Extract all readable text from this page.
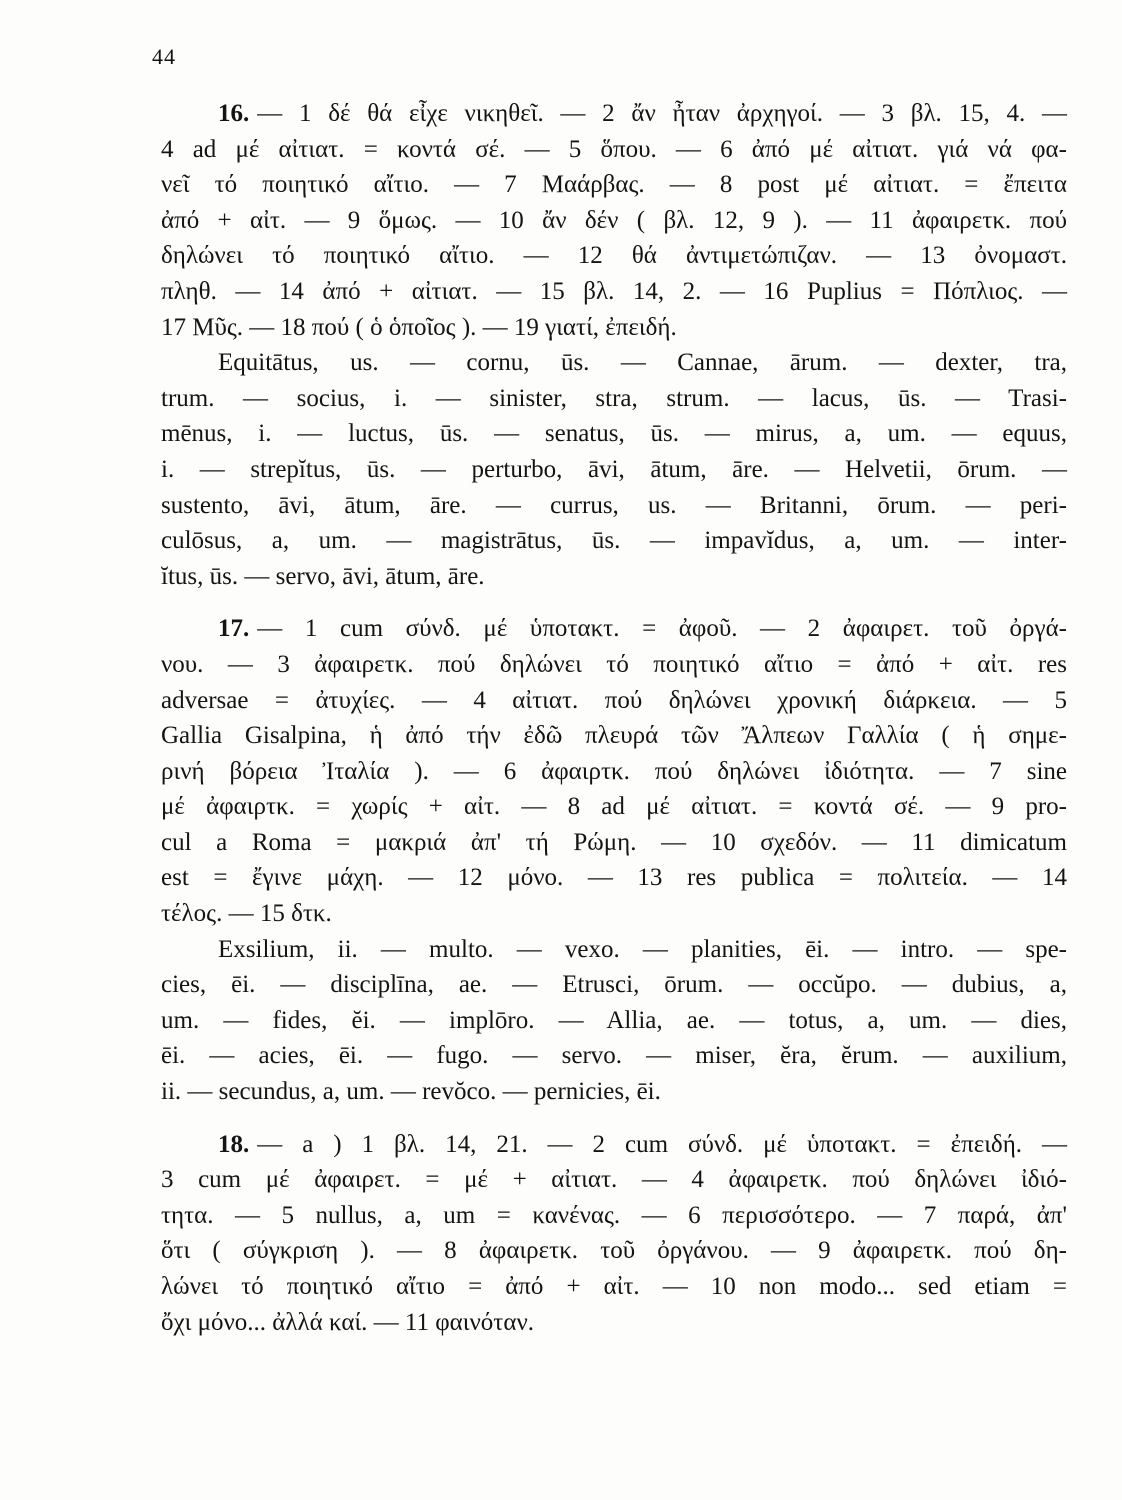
44
16. — 1 δέ θά εἶχε νικηθεῖ. — 2 ἄν ἦταν ἀρχηγοί. — 3 βλ. 15, 4. —
4 ad μέ αἰτιατ. = κοντά σέ. — 5 ὅπου. — 6 ἀπό μέ αἰτιατ. γιά νά φα-
νεῖ τό ποιητικό αἴτιο. — 7 Μαάρβας. — 8 post μέ αἰτιατ. = ἔπειτα
ἀπό + αἰτ. — 9 ὅμως. — 10 ἄν δέν ( βλ. 12, 9 ). — 11 ἀφαιρετκ. πού
δηλώνει τό ποιητικό αἴτιο. — 12 θά ἀντιμετώπιζαν. — 13 ὀνομαστ.
πληθ. — 14 ἀπό + αἰτιατ. — 15 βλ. 14, 2. — 16 Puplius = Πόπλιος. —
17 Μῦς. — 18 πού ( ὁ ὁποῖος ). — 19 γιατί, ἐπειδή.
Equitātus, us. — cornu, ūs. — Cannae, ārum. — dexter, tra,
trum. — socius, i. — sinister, stra, strum. — lacus, ūs. — Trasi-
mēnus, i. — luctus, ūs. — senatus, ūs. — mirus, a, um. — equus,
i. — strepĭtus, ūs. — perturbo, āvi, ātum, āre. — Helvetii, ōrum. —
sustento, āvi, ātum, āre. — currus, us. — Britanni, ōrum. — peri-
culōsus, a, um. — magistrātus, ūs. — impavĭdus, a, um. — inter-
ĭtus, ūs. — servo, āvi, ātum, āre.
17. — 1 cum σύνδ. μέ ὑποτακτ. = ἀφοῦ. — 2 ἀφαιρετ. τοῦ ὀργά-
νου. — 3 ἀφαιρετκ. πού δηλώνει τό ποιητικό αἴτιο = ἀπό + αἰτ. res
adversae = ἀτυχίες. — 4 αἰτιατ. πού δηλώνει χρονική διάρκεια. — 5
Gallia Gisalpina, ἡ ἀπό τήν ἐδῶ πλευρά τῶν Ἄλπεων Γαλλία ( ἡ σημε-
ρινή βόρεια Ἰταλία ). — 6 ἀφαιρτκ. πού δηλώνει ἰδιότητα. — 7 sine
μέ ἀφαιρτκ. = χωρίς + αἰτ. — 8 ad μέ αἰτιατ. = κοντά σέ. — 9 pro-
cul a Roma = μακριά ἀπ' τή Ρώμη. — 10 σχεδόν. — 11 dimicatum
est = ἔγινε μάχη. — 12 μόνο. — 13 res publica = πολιτεία. — 14
τέλος. — 15 δτκ.
Exsilium, ii. — multo. — vexo. — planities, ēi. — intro. — spe-
cies, ēi. — disciplīna, ae. — Etrusci, ōrum. — occŭpo. — dubius, a,
um. — fides, ĕi. — implōro. — Allia, ae. — totus, a, um. — dies,
ēi. — acies, ēi. — fugo. — servo. — miser, ĕra, ĕrum. — auxilium,
ii. — secundus, a, um. — revŏco. — pernicies, ēi.
18. — a ) 1 βλ. 14, 21. — 2 cum σύνδ. μέ ὑποτακτ. = ἐπειδή. —
3 cum μέ ἀφαιρετ. = μέ + αἰτιατ. — 4 ἀφαιρετκ. πού δηλώνει ἰδιό-
τητα. — 5 nullus, a, um = κανένας. — 6 περισσότερο. — 7 παρά, ἀπ'
ὅτι ( σύγκριση ). — 8 ἀφαιρετκ. τοῦ ὀργάνου. — 9 ἀφαιρετκ. πού δη-
λώνει τό ποιητικό αἴτιο = ἀπό + αἰτ. — 10 non modo... sed etiam =
ὄχι μόνο... ἀλλά καί. — 11 φαινόταν.
